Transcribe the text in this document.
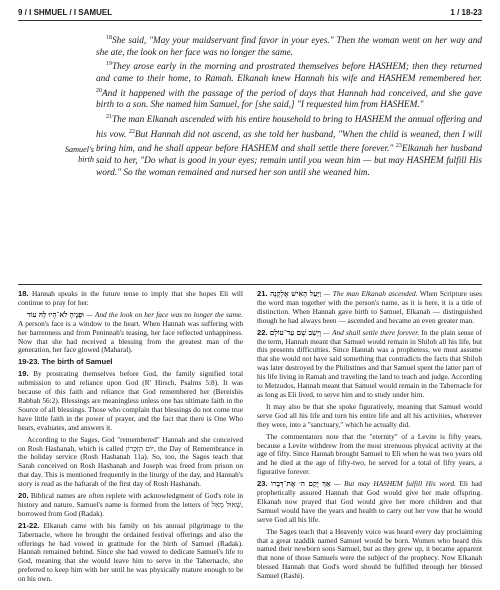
9 / I SHMUEL / I SAMUEL	1 / 18-23
Samuel's
birth

$^{18}$She said, "May your maidservant find favor in your eyes." Then the woman went on her way and she ate, the look on her face was no longer the same.

$^{19}$They arose early in the morning and prostrated themselves before HASHEM; then they returned and came to their home, to Ramah. Elkanah knew Hannah his wife and HASHEM remembered her. $^{20}$And it happened with the passage of the period of days that Hannah had conceived, and she gave birth to a son. She named him Samuel, for [she said,] "I requested him from HASHEM."

$^{21}$The man Elkanah ascended with his entire household to bring to HASHEM the annual offering and his vow. $^{22}$But Hannah did not ascend, as she told her husband, "When the child is weaned, then I will bring him, and he shall appear before HASHEM and shall settle there forever." $^{23}$Elkanah her husband said to her, "Do what is good in your eyes; remain until you wean him — but may HASHEM fulfill His word." So the woman remained and nursed her son until she weaned him.

18. Hannah speaks in the future tense to imply that she hopes Eli will continue to pray for her.

וּפָנֶיהָ לֹא־הָיוּ לָהּ עוֹד — And the look on her face was no longer the same. A person's face is a window to the heart. When Hannah was suffering with her barrenness and from Peninnah's teasing, her face reflected unhappiness. Now that she had received a blessing from the greatest man of the generation, her face glowed (Maharal).

19-23. The birth of Samuel

19. By prostrating themselves before God, the family signified total submission to and reliance upon God (R' Hirsch, Psalms 5:8). It was because of this faith and reliance that God remembered her (Bereishis Rabbah 56:2). Blessings are meaningless unless one has ultimate faith in the Source of all blessings. Those who complain that blessings do not come true have little faith in the power of prayer, and the fact that there is One Who hears, evaluates, and answers it.

According to the Sages, God "remembered" Hannah and she conceived on Rosh Hashanah, which is called יוֹם הַזִּכָּרוֹן, the Day of Remembrance in the holiday service (Rosh Hashanah 11a). So, too, the Sages teach that Sarah conceived on Rosh Hashanah and Joseph was freed from prison on that day. This is mentioned frequently in the liturgy of the day, and Hannah's story is read as the haftarah of the first day of Rosh Hashanah.

20. Biblical names are often replete with acknowledgment of God's role in history and nature. Samuel's name is formed from the letters of שָׁאוּל מֵאֵל, borrowed from God (Radak).

21-22. Elkanah came with his family on his annual pilgrimage to the Tabernacle, where he brought the ordained festival offerings and also the offerings he had vowed in gratitude for the birth of Samuel (Radak). Hannah remained behind. Since she had vowed to dedicate Samuel's life to God, meaning that she would leave him to serve in the Tabernacle, she preferred to keep him with her until he was physically mature enough to be on his own.

21. וַיַּעַל הָאִישׁ אֶלְקָנָה — The man Elkanah ascended. When Scripture uses the word man together with the person's name, as it is here, it is a title of distinction. When Hannah gave birth to Samuel, Elkanah — distinguished though he had always been — ascended and became an even greater man.

22. וְיָשַׁב שָׁם עַד־עוֹלָם — And shall settle there forever. In the plain sense of the term, Hannah meant that Samuel would remain in Shiloh all his life, but this presents difficulties. Since Hannah was a prophetess, we must assume that she would not have said something that contradicts the facts that Shiloh was later destroyed by the Philistines and that Samuel spent the latter part of his life living in Ramah and traveling the land to teach and judge. According to Metzudos, Hannah meant that Samuel would remain in the Tabernacle for as long as Eli lived, to serve him and to study under him.

It may also be that she spoke figuratively, meaning that Samuel would serve God all his life and turn his entire life and all his activities, wherever they were, into a "sanctuary," which he actually did.

The commentators note that the "eternity" of a Levite is fifty years, because a Levite withdrew from the most strenuous physical activity at the age of fifty. Since Hannah brought Samuel to Eli when he was two years old and he died at the age of fifty-two, he served for a total of fifty years, a figurative forever.

23. אַךְ יָקֵם ה׳ אֶת־דְּבָרוֹ — But may HASHEM fulfill His word. Eli had prophetically assured Hannah that God would give her male offspring. Elkanah now prayed that God would give her more children and that Samuel would have the years and health to carry out her vow that he would serve God all his life.

The Sages teach that a Heavenly voice was heard every day proclaiming that a great tzaddik named Samuel would be born. Women who heard this named their newborn sons Samuel, but as they grew up, it became apparent that none of those Samuels were the subject of the prophecy. Now Elkanah blessed Hannah that God's word should be fulfilled through her blessed Samuel (Rashi).
